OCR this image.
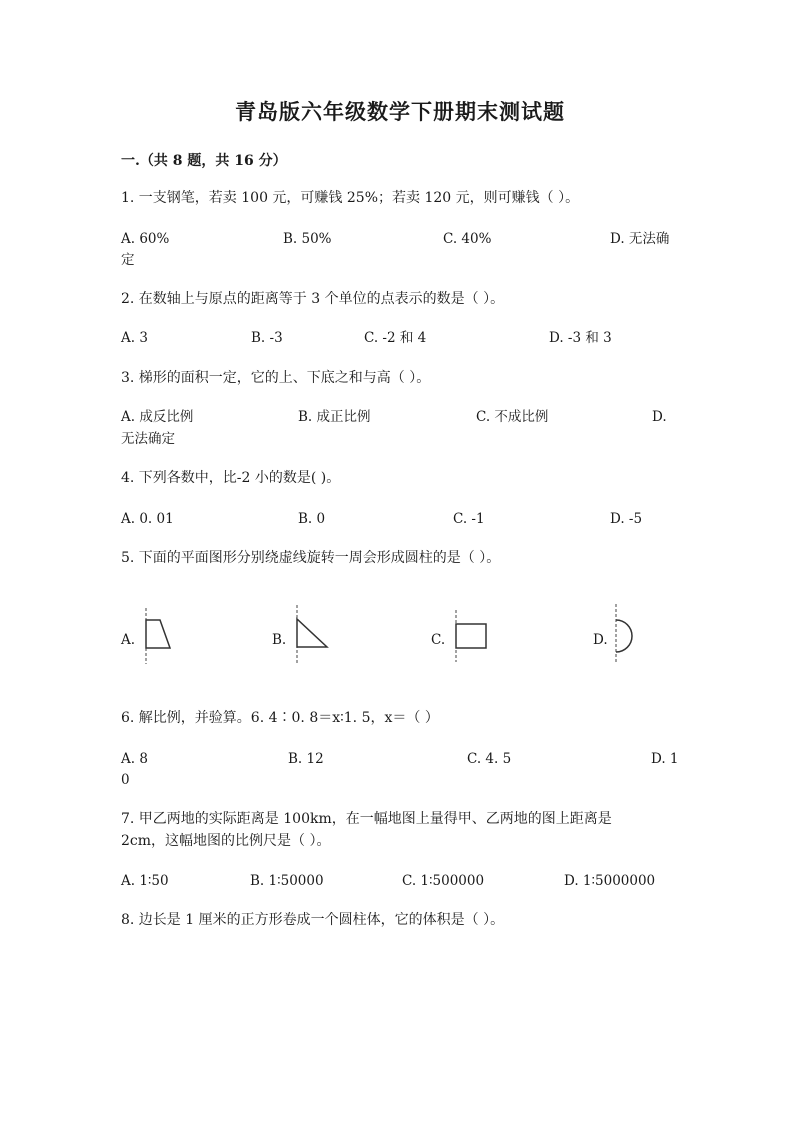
青岛版六年级数学下册期末测试题
一.（共 8 题，共 16 分）
1. 一支钢笔，若卖 100 元，可赚钱 25%；若卖 120 元，则可赚钱（ ）。
A. 60%	B. 50%	C. 40%	D. 无法确
定
2. 在数轴上与原点的距离等于 3 个单位的点表示的数是（ ）。
A. 3	B. -3	C. -2 和 4	D. -3 和 3
3. 梯形的面积一定，它的上、下底之和与高（ ）。
A. 成反比例	B. 成正比例	C. 不成比例	D.
无法确定
4. 下列各数中，比-2 小的数是( )。
A. 0. 01	B. 0	C. -1	D. -5
5. 下面的平面图形分别绕虚线旋转一周会形成圆柱的是（ ）。
A.	B.	C.	D.
6. 解比例，并验算。6. 4∶0. 8＝x∶1. 5，x＝（ ）
A. 8	B. 12	C. 4. 5	D. 1
0
7. 甲乙两地的实际距离是 100km，在一幅地图上量得甲、乙两地的图上距离是
2cm，这幅地图的比例尺是（ ）。
A. 1∶50	B. 1∶50000	C. 1∶500000	D. 1∶5000000
8. 边长是 1 厘米的正方形卷成一个圆柱体，它的体积是（ ）。
